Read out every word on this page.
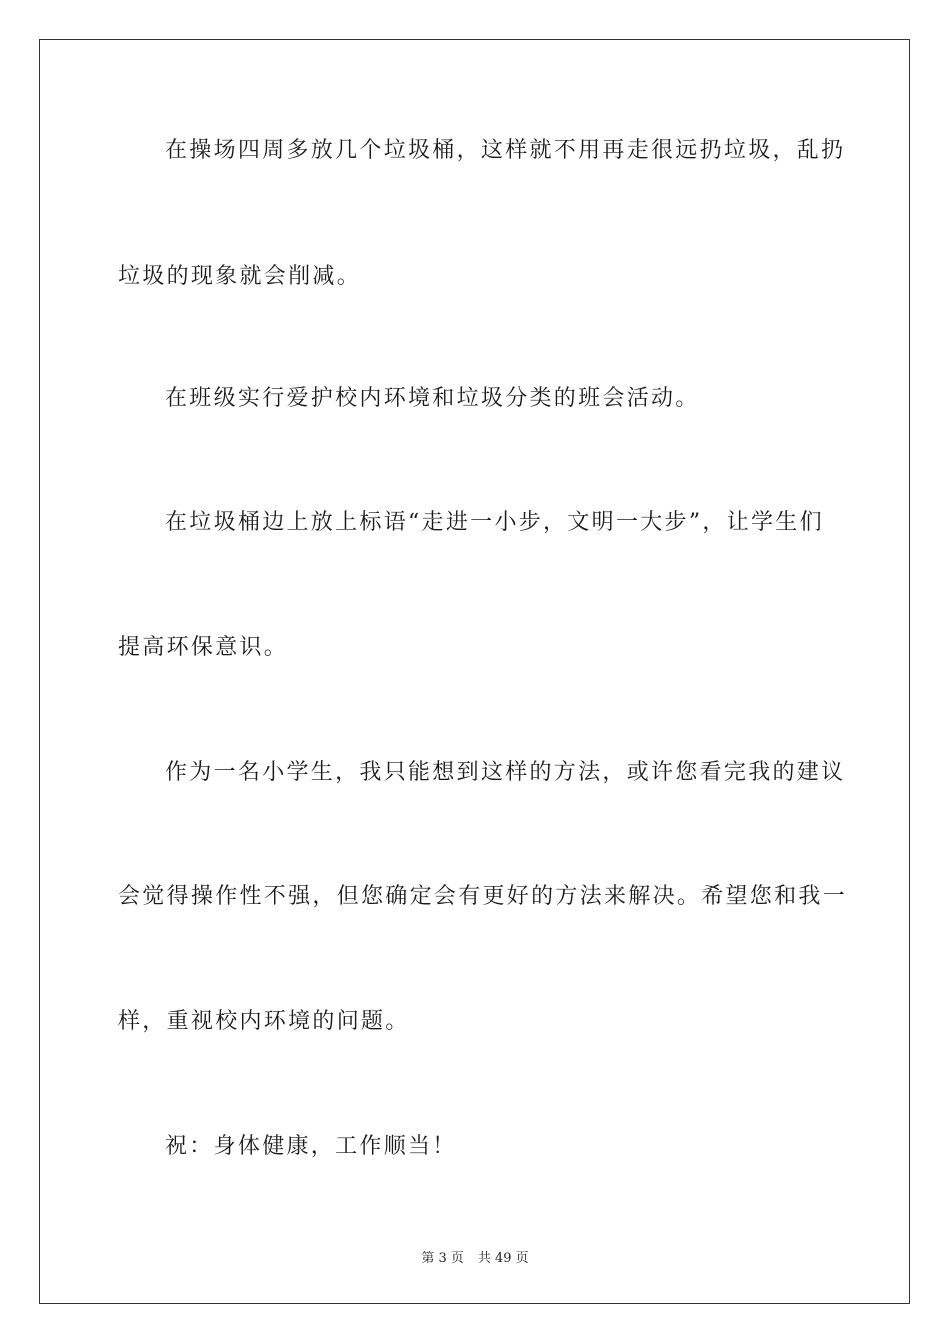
在操场四周多放几个垃圾桶，这样就不用再走很远扔垃圾，乱扔
垃圾的现象就会削减。
在班级实行爱护校内环境和垃圾分类的班会活动。
在垃圾桶边上放上标语“走进一小步，文明一大步”，让学生们
提高环保意识。
作为一名小学生，我只能想到这样的方法，或许您看完我的建议
会觉得操作性不强，但您确定会有更好的方法来解决。希望您和我一
样，重视校内环境的问题。
祝：身体健康，工作顺当！
第 3 页 共 49 页
